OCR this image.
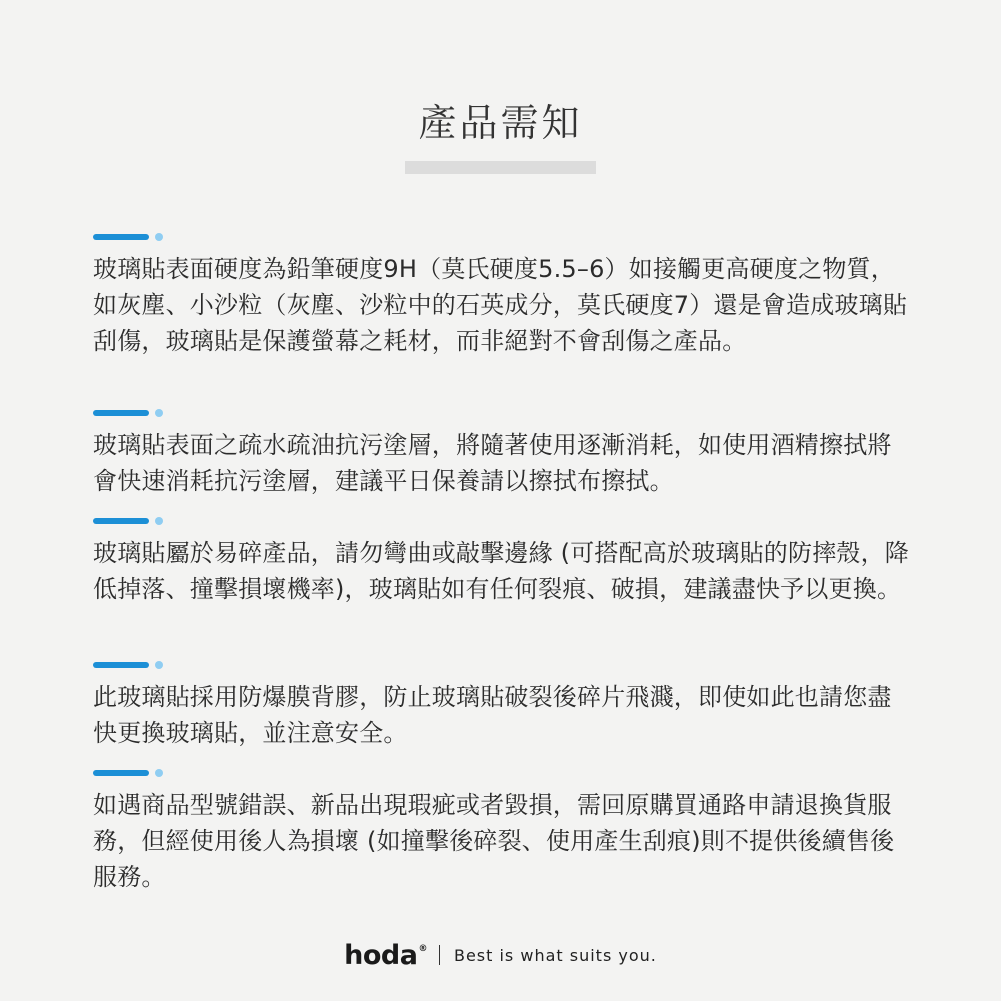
產品需知

玻璃貼表面硬度為鉛筆硬度9H（莫氏硬度5.5–6）如接觸更高硬度之物質，如灰塵、小沙粒（灰塵、沙粒中的石英成分，莫氏硬度7）還是會造成玻璃貼刮傷，玻璃貼是保護螢幕之耗材，而非絕對不會刮傷之產品。

玻璃貼表面之疏水疏油抗污塗層，將隨著使用逐漸消耗，如使用酒精擦拭將會快速消耗抗污塗層，建議平日保養請以擦拭布擦拭。

玻璃貼屬於易碎產品，請勿彎曲或敲擊邊緣 (可搭配高於玻璃貼的防摔殼，降低掉落、撞擊損壞機率)，玻璃貼如有任何裂痕、破損，建議盡快予以更換。

此玻璃貼採用防爆膜背膠，防止玻璃貼破裂後碎片飛濺，即使如此也請您盡快更換玻璃貼，並注意安全。

如遇商品型號錯誤、新品出現瑕疵或者毀損，需回原購買通路申請退換貨服務，但經使用後人為損壞 (如撞擊後碎裂、使用產生刮痕)則不提供後續售後服務。

hoda® Best is what suits you.
